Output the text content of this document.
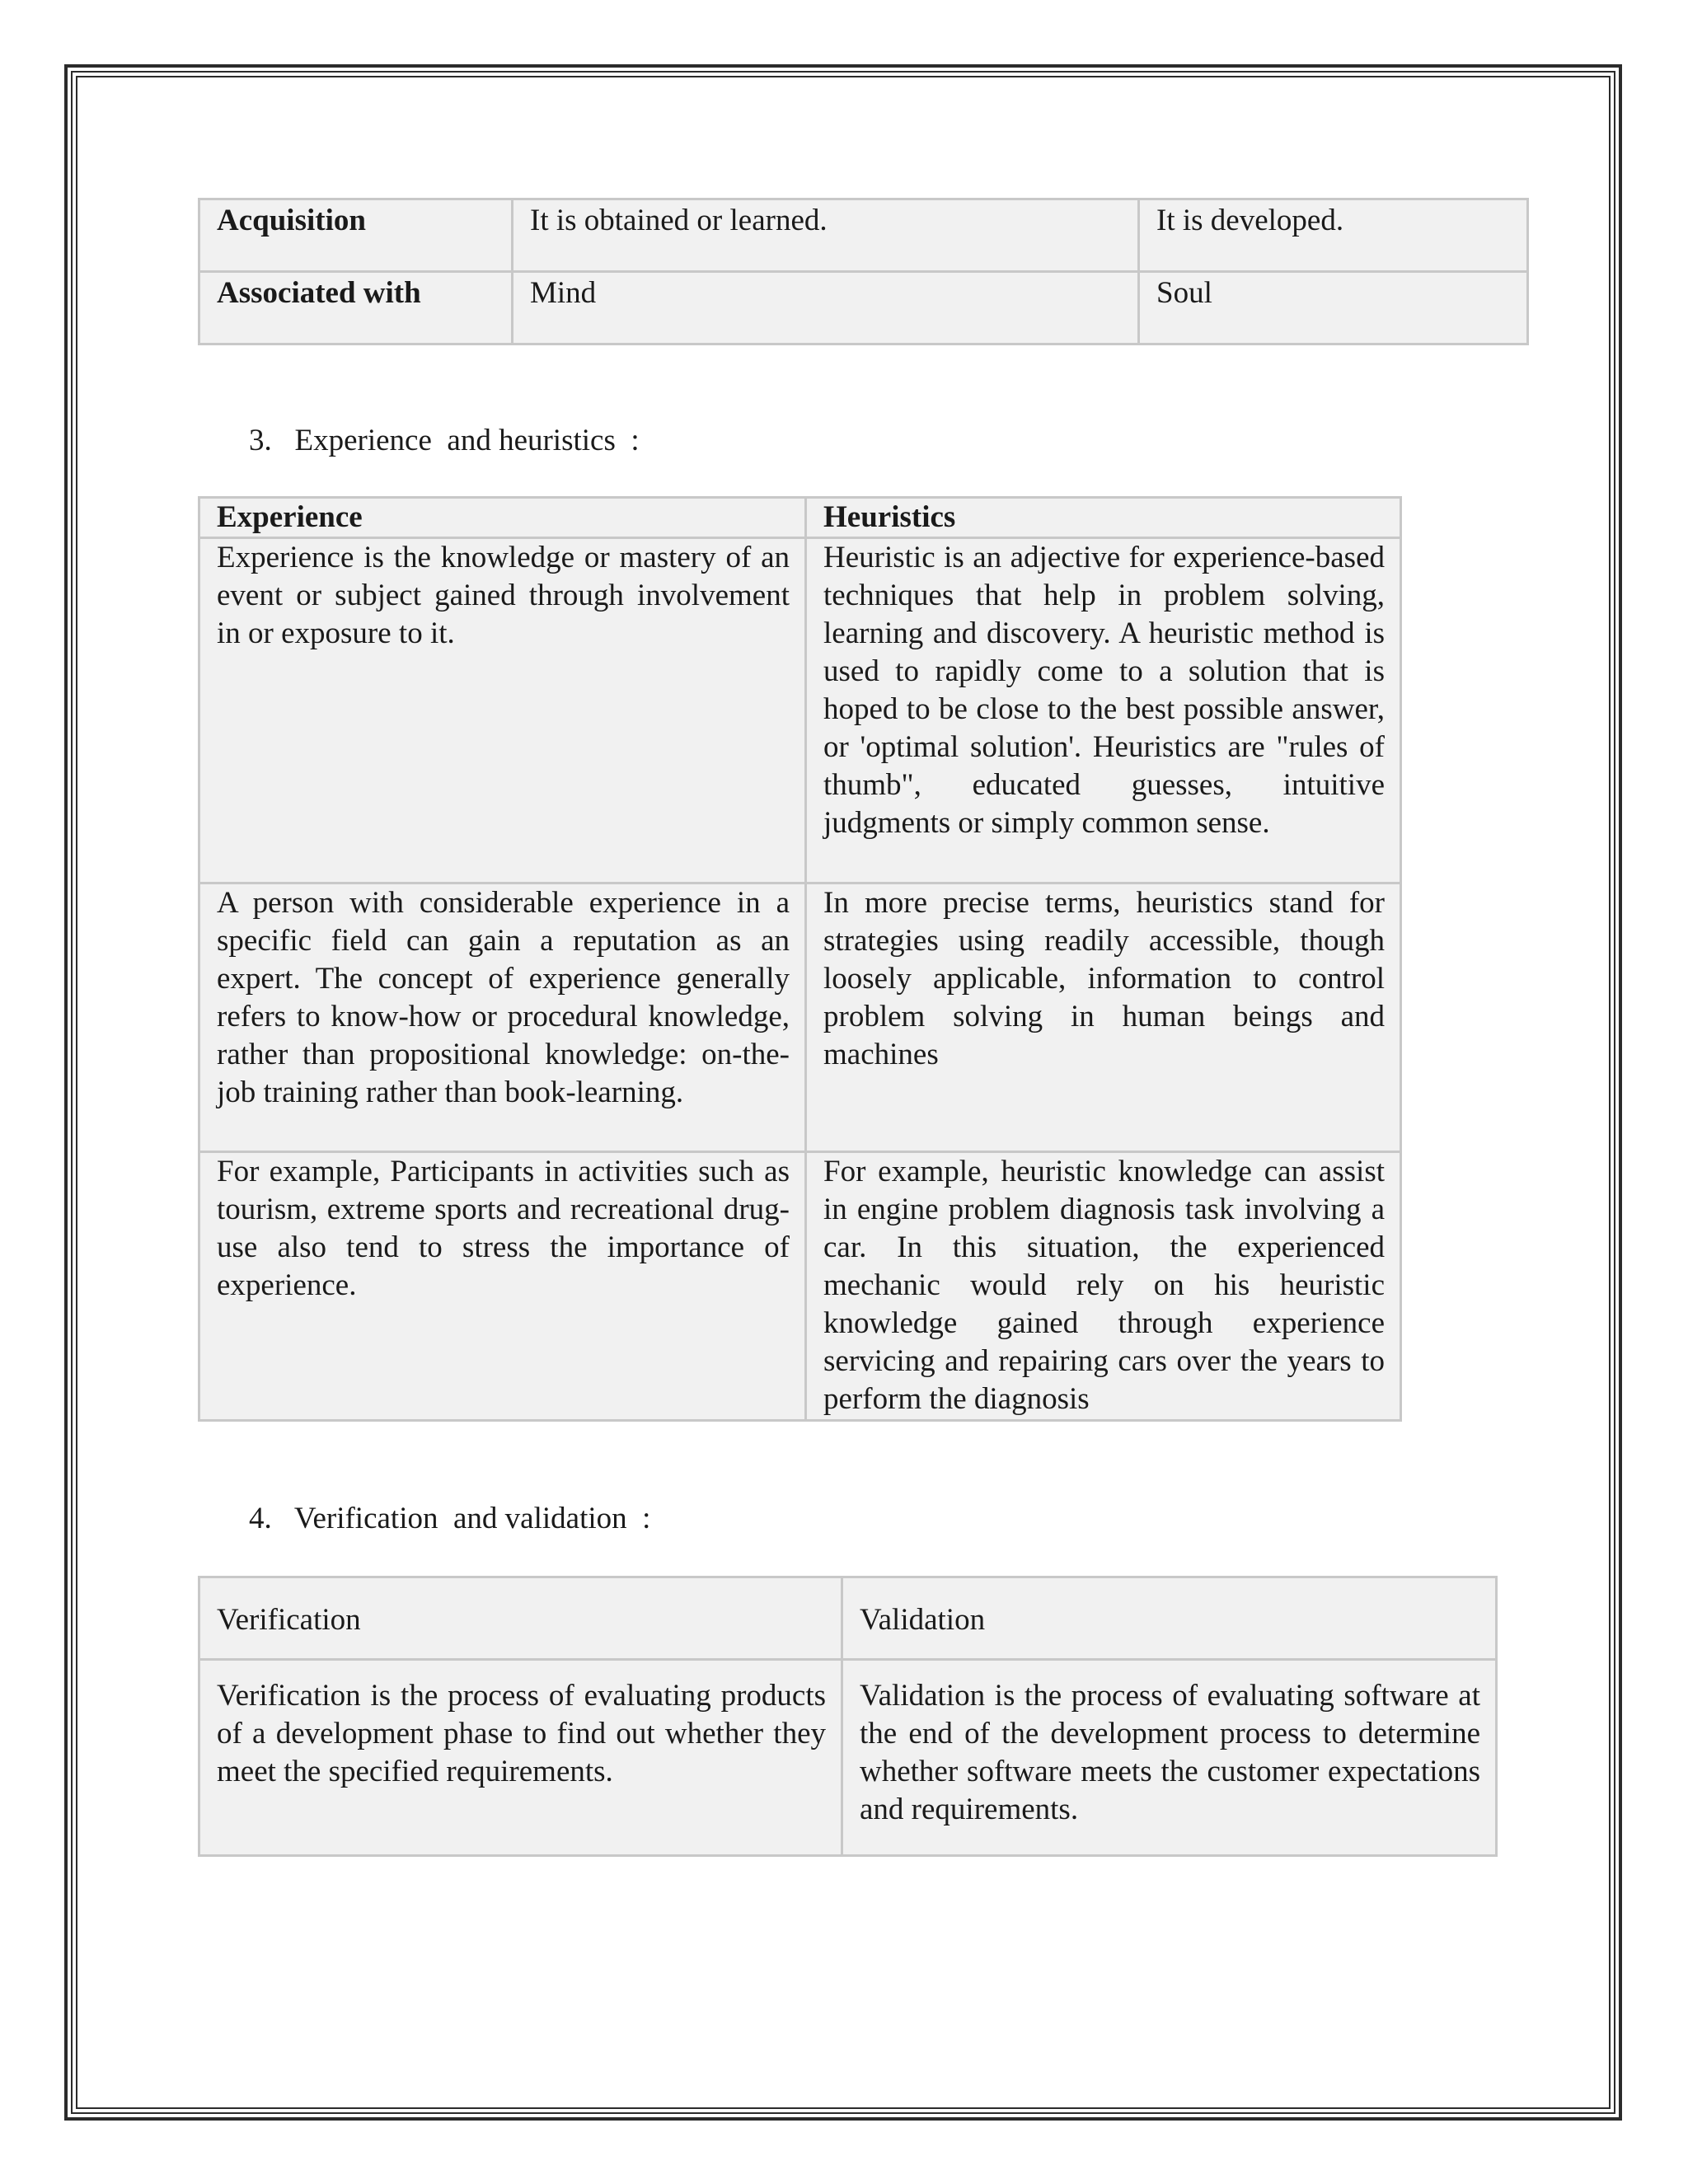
Acquisition	It is obtained or learned.	It is developed.
Associated with	Mind	Soul
3. Experience  and heuristics  :
Experience	Heuristics
Experience is the knowledge or mastery of an event or subject gained through involvement in or exposure to it.	Heuristic is an adjective for experience-based techniques that help in problem solving, learning and discovery. A heuristic method is used to rapidly come to a solution that is hoped to be close to the best possible answer, or 'optimal solution'. Heuristics are "rules of thumb", educated guesses, intuitive judgments or simply common sense.
A person with considerable experience in a specific field can gain a reputation as an expert. The concept of experience generally refers to know-how or procedural knowledge, rather than propositional knowledge: on-the-job training rather than book-learning.	In more precise terms, heuristics stand for strategies using readily accessible, though loosely applicable, information to control problem solving in human beings and machines
For example, Participants in activities such as tourism, extreme sports and recreational drug-use also tend to stress the importance of experience.	For example, heuristic knowledge can assist in engine problem diagnosis task involving a car. In this situation, the experienced mechanic would rely on his heuristic knowledge gained through experience servicing and repairing cars over the years to perform the diagnosis
4. Verification  and validation  :
Verification	Validation
Verification is the process of evaluating products of a development phase to find out whether they meet the specified requirements.	Validation is the process of evaluating software at the end of the development process to determine whether software meets the customer expectations and requirements.
